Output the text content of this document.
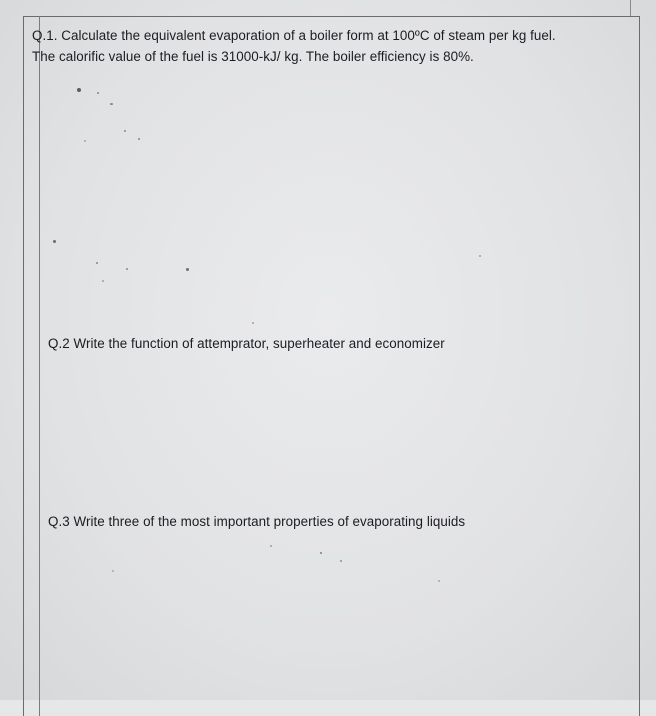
Q.1. Calculate the equivalent evaporation of a boiler form at 100ºC of steam per kg fuel.
The calorific value of the fuel is 31000-kJ/ kg. The boiler efficiency is 80%.
Q.2 Write the function of attemprator, superheater and economizer
Q.3 Write three of the most important properties of evaporating liquids
